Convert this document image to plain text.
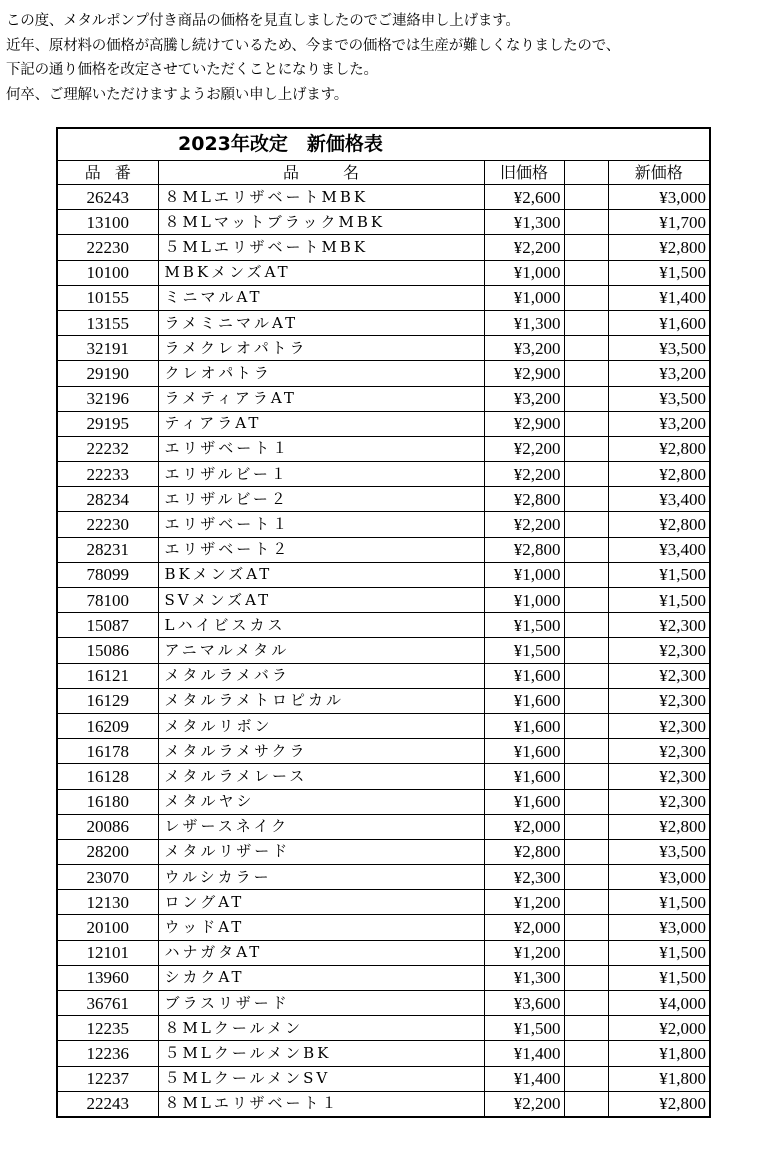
この度、メタルポンプ付き商品の価格を見直しましたのでご連絡申し上げます。
近年、原材料の価格が高騰し続けているため、今までの価格では生産が難しくなりましたので、
下記の通り価格を改定させていただくことになりました。
何卒、ご理解いただけますようお願い申し上げます。
2023年改定　新価格表				
品番	品 名	旧価格		新価格
26243	８MLエリザベートMBK	¥2,600		¥3,000
13100	８MLマットブラックMBK	¥1,300		¥1,700
22230	５MLエリザベートMBK	¥2,200		¥2,800
10100	MBKメンズAT	¥1,000		¥1,500
10155	ミニマルAT	¥1,000		¥1,400
13155	ラメミニマルAT	¥1,300		¥1,600
32191	ラメクレオパトラ	¥3,200		¥3,500
29190	クレオパトラ	¥2,900		¥3,200
32196	ラメティアラAT	¥3,200		¥3,500
29195	ティアラAT	¥2,900		¥3,200
22232	エリザベート１	¥2,200		¥2,800
22233	エリザルビー１	¥2,200		¥2,800
28234	エリザルビー２	¥2,800		¥3,400
22230	エリザベート１	¥2,200		¥2,800
28231	エリザベート２	¥2,800		¥3,400
78099	BKメンズAT	¥1,000		¥1,500
78100	SVメンズAT	¥1,000		¥1,500
15087	Lハイビスカス	¥1,500		¥2,300
15086	アニマルメタル	¥1,500		¥2,300
16121	メタルラメバラ	¥1,600		¥2,300
16129	メタルラメトロピカル	¥1,600		¥2,300
16209	メタルリボン	¥1,600		¥2,300
16178	メタルラメサクラ	¥1,600		¥2,300
16128	メタルラメレース	¥1,600		¥2,300
16180	メタルヤシ	¥1,600		¥2,300
20086	レザースネイク	¥2,000		¥2,800
28200	メタルリザード	¥2,800		¥3,500
23070	ウルシカラー	¥2,300		¥3,000
12130	ロングAT	¥1,200		¥1,500
20100	ウッドAT	¥2,000		¥3,000
12101	ハナガタAT	¥1,200		¥1,500
13960	シカクAT	¥1,300		¥1,500
36761	ブラスリザード	¥3,600		¥4,000
12235	８MLクールメン	¥1,500		¥2,000
12236	５MLクールメンBK	¥1,400		¥1,800
12237	５MLクールメンSV	¥1,400		¥1,800
22243	８MLエリザベート１	¥2,200		¥2,800
